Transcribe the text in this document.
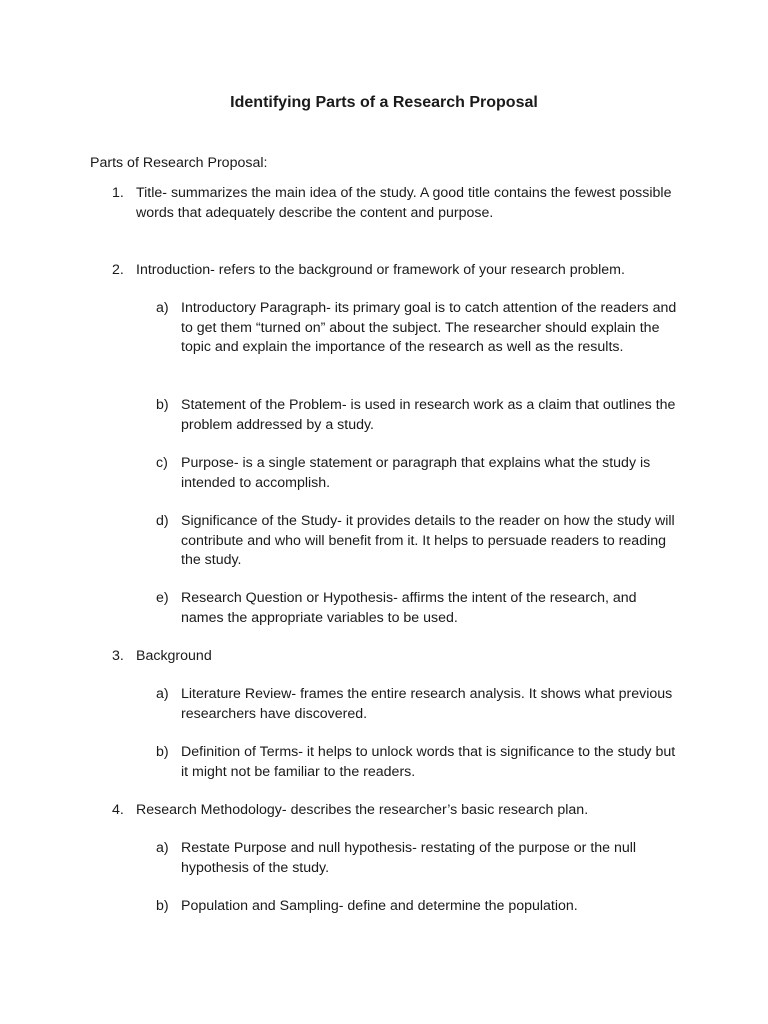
Identifying Parts of a Research Proposal

Parts of Research Proposal:

1. Title- summarizes the main idea of the study. A good title contains the fewest possible words that adequately describe the content and purpose.
2. Introduction- refers to the background or framework of your research problem.
a) Introductory Paragraph- its primary goal is to catch attention of the readers and to get them “turned on” about the subject. The researcher should explain the topic and explain the importance of the research as well as the results.
b) Statement of the Problem- is used in research work as a claim that outlines the problem addressed by a study.
c) Purpose- is a single statement or paragraph that explains what the study is intended to accomplish.
d) Significance of the Study- it provides details to the reader on how the study will contribute and who will benefit from it. It helps to persuade readers to reading the study.
e) Research Question or Hypothesis- affirms the intent of the research, and names the appropriate variables to be used.
3. Background
a) Literature Review- frames the entire research analysis. It shows what previous researchers have discovered.
b) Definition of Terms- it helps to unlock words that is significance to the study but it might not be familiar to the readers.
4. Research Methodology- describes the researcher’s basic research plan.
a) Restate Purpose and null hypothesis- restating of the purpose or the null hypothesis of the study.
b) Population and Sampling- define and determine the population.
